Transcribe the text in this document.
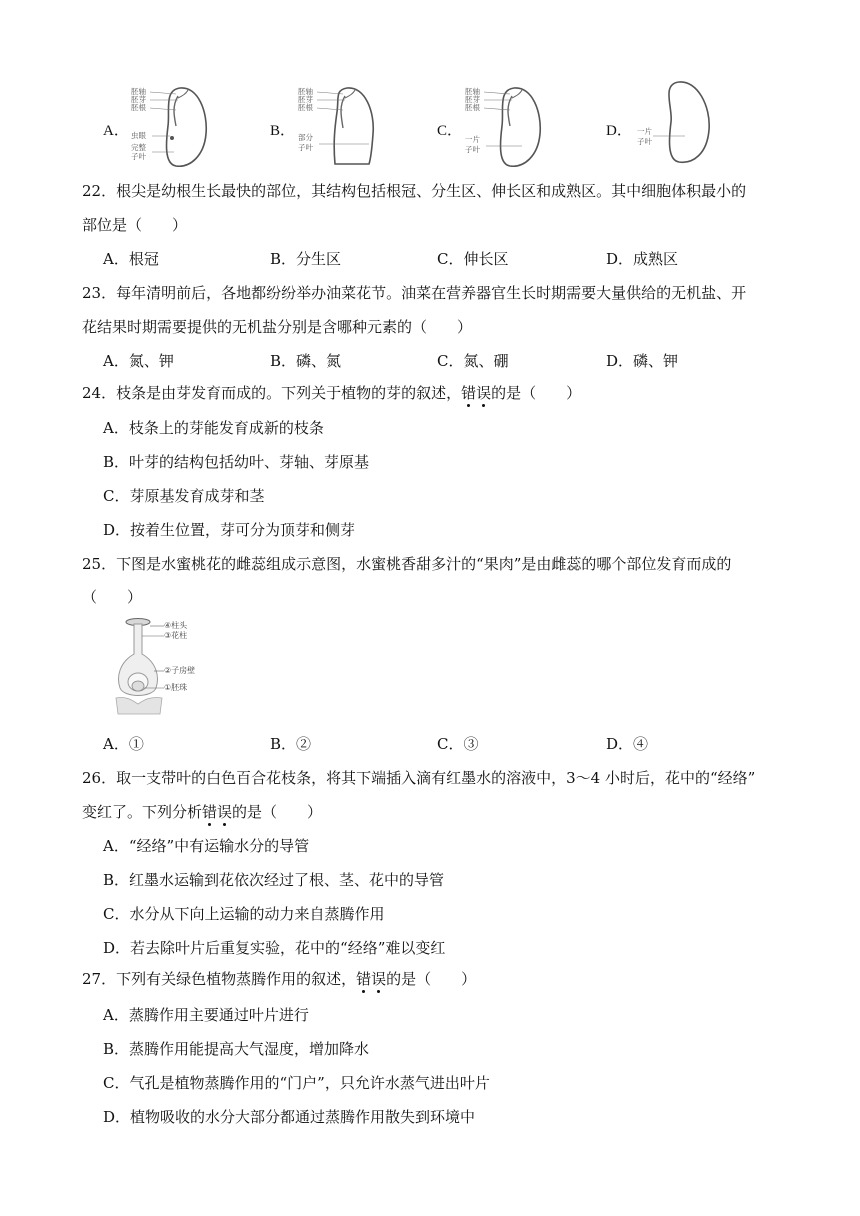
A．
胚轴
胚芽
胚根
虫眼
完整
子叶
B．
胚轴
胚芽
胚根
部分
子叶
C．
胚轴
胚芽
胚根
一片
子叶
D． 一片
子叶
22．根尖是幼根生长最快的部位，其结构包括根冠、分生区、伸长区和成熟区。其中细胞体积最小的
部位是（　　）
A．根冠	B．分生区	C．伸长区	D．成熟区
23．每年清明前后，各地都纷纷举办油菜花节。油菜在营养器官生长时期需要大量供给的无机盐、开
花结果时期需要提供的无机盐分别是含哪种元素的（　　）
A．氮、钾	B．磷、氮	C．氮、硼	D．磷、钾
24．枝条是由芽发育而成的。下列关于植物的芽的叙述，错误的是（　　）
A．枝条上的芽能发育成新的枝条
B．叶芽的结构包括幼叶、芽轴、芽原基
C．芽原基发育成芽和茎
D．按着生位置，芽可分为顶芽和侧芽
25．下图是水蜜桃花的雌蕊组成示意图，水蜜桃香甜多汁的“果肉”是由雌蕊的哪个部位发育而成的
（　　）
④柱头
③花柱
②子房壁
①胚珠
A．①	B．②	C．③	D．④
26．取一支带叶的白色百合花枝条，将其下端插入滴有红墨水的溶液中，3～4 小时后，花中的“经络”
变红了。下列分析错误的是（　　）
A．“经络”中有运输水分的导管
B．红墨水运输到花依次经过了根、茎、花中的导管
C．水分从下向上运输的动力来自蒸腾作用
D．若去除叶片后重复实验，花中的“经络”难以变红
27．下列有关绿色植物蒸腾作用的叙述，错误的是（　　）
A．蒸腾作用主要通过叶片进行
B．蒸腾作用能提高大气湿度，增加降水
C．气孔是植物蒸腾作用的“门户”，只允许水蒸气进出叶片
D．植物吸收的水分大部分都通过蒸腾作用散失到环境中
